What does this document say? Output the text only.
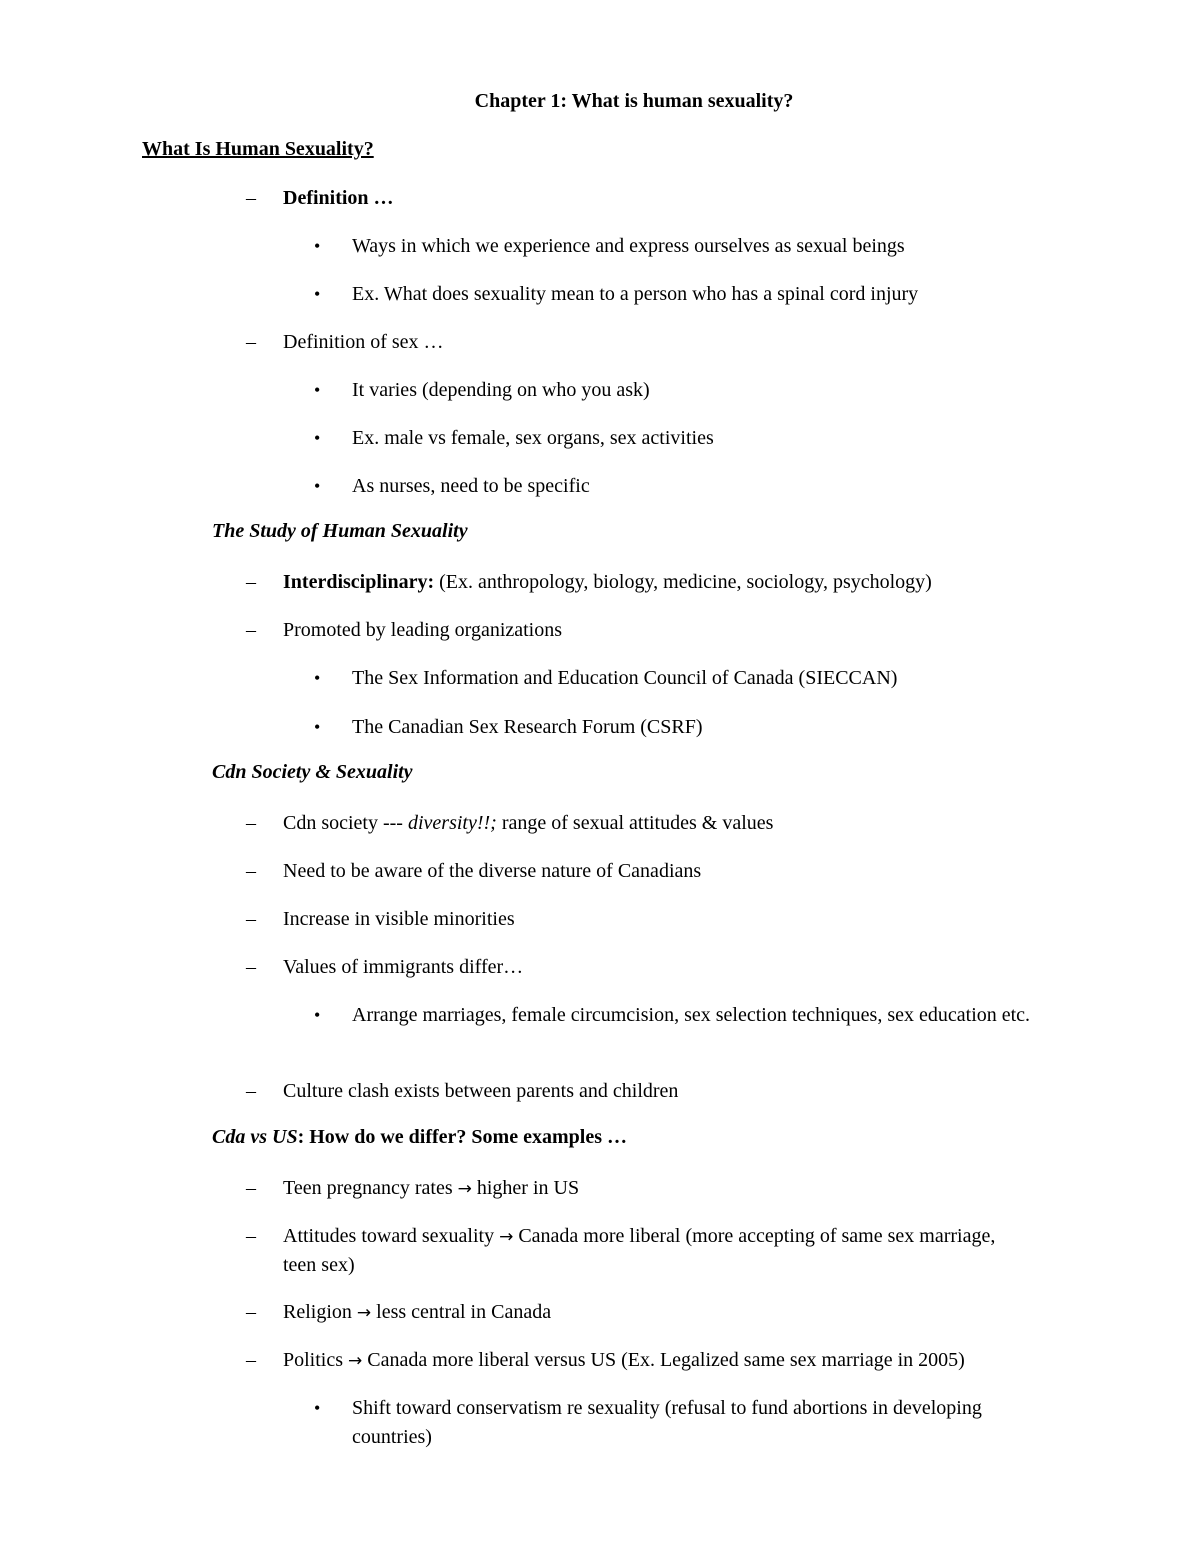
Chapter 1: What is human sexuality?
What Is Human Sexuality?
–	Definition …
•	Ways in which we experience and express ourselves as sexual beings
•	Ex. What does sexuality mean to a person who has a spinal cord injury
–	Definition of sex …
•	It varies (depending on who you ask)
•	Ex. male vs female, sex organs, sex activities
•	As nurses, need to be specific
The Study of Human Sexuality
–	Interdisciplinary: (Ex. anthropology, biology, medicine, sociology, psychology)
–	Promoted by leading organizations
•	The Sex Information and Education Council of Canada (SIECCAN)
•	The Canadian Sex Research Forum (CSRF)
Cdn Society & Sexuality
–	Cdn society --- diversity!!; range of sexual attitudes & values
–	Need to be aware of the diverse nature of Canadians
–	Increase in visible minorities
–	Values of immigrants differ…
•	Arrange marriages, female circumcision, sex selection techniques, sex education etc.
–	Culture clash exists between parents and children
Cda vs US: How do we differ? Some examples …
–	Teen pregnancy rates → higher in US
–	Attitudes toward sexuality → Canada more liberal (more accepting of same sex marriage, teen sex)
–	Religion → less central in Canada
–	Politics → Canada more liberal versus US (Ex. Legalized same sex marriage in 2005)
•	Shift toward conservatism re sexuality (refusal to fund abortions in developing countries)
